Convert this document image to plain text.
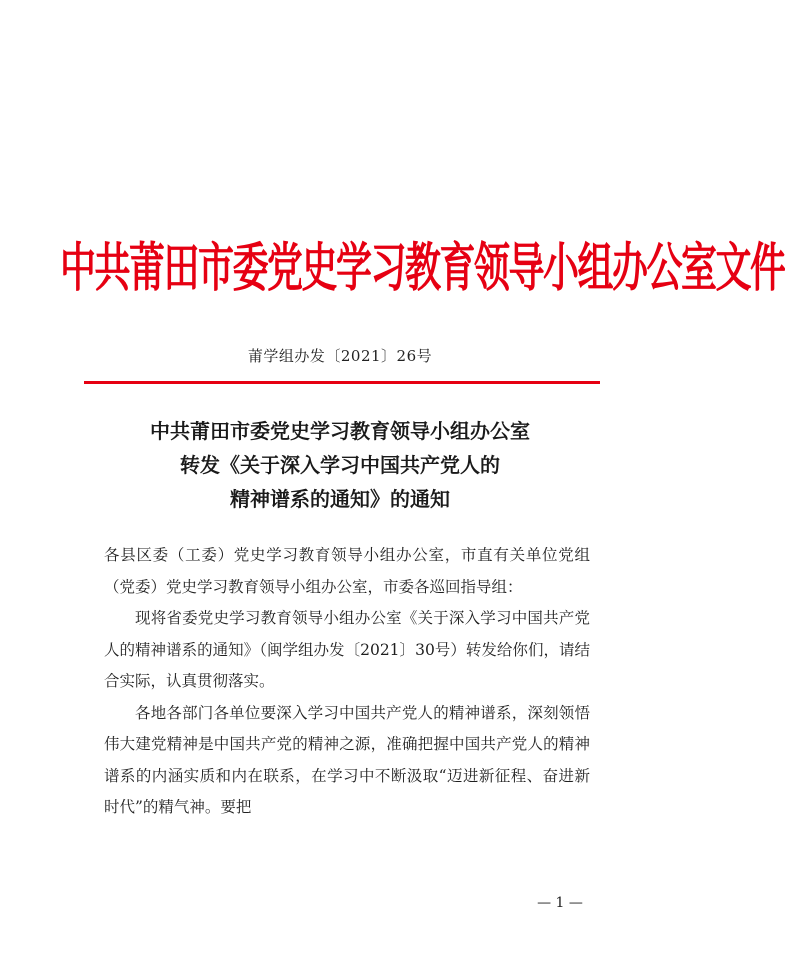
中共莆田市委党史学习教育领导小组办公室文件
莆学组办发〔2021〕26号
中共莆田市委党史学习教育领导小组办公室
转发《关于深入学习中国共产党人的
精神谱系的通知》的通知

各县区委（工委）党史学习教育领导小组办公室，市直有关单位党组（党委）党史学习教育领导小组办公室，市委各巡回指导组：

现将省委党史学习教育领导小组办公室《关于深入学习中国共产党人的精神谱系的通知》（闽学组办发〔2021〕30号）转发给你们，请结合实际，认真贯彻落实。

各地各部门各单位要深入学习中国共产党人的精神谱系，深刻领悟伟大建党精神是中国共产党的精神之源，准确把握中国共产党人的精神谱系的内涵实质和内在联系，在学习中不断汲取“迈进新征程、奋进新时代”的精气神。要把

— 1 —
